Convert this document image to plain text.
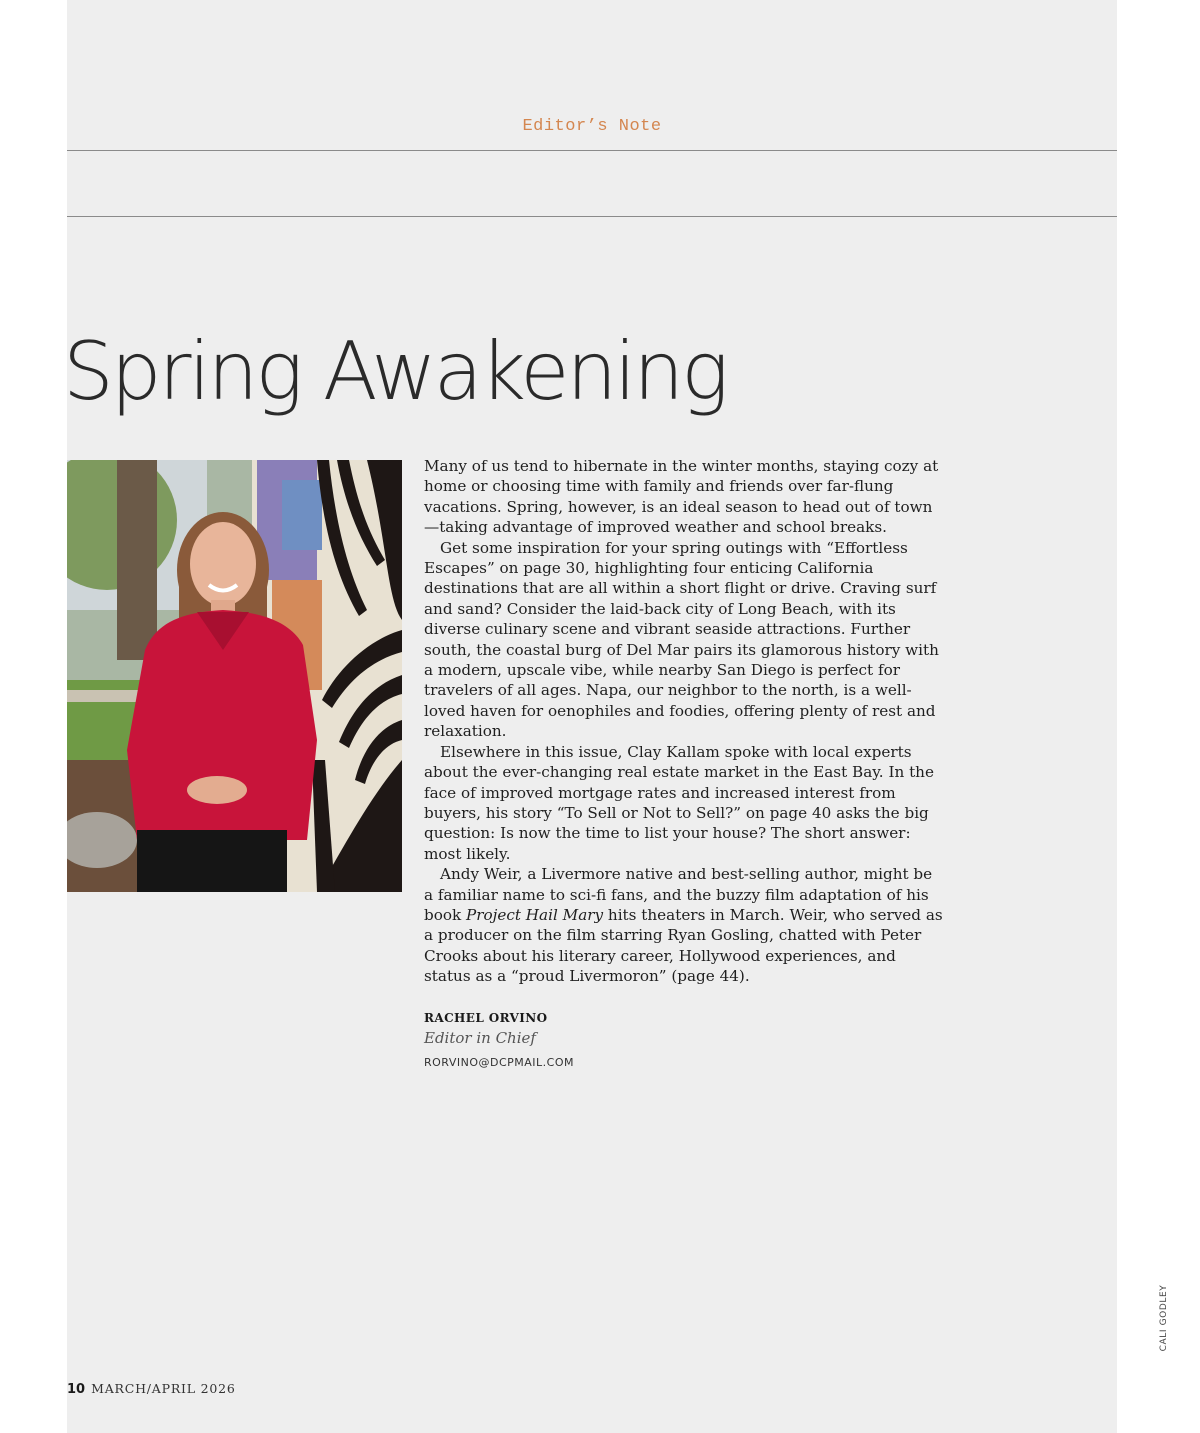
Editor’s Note
Spring Awakening

Many of us tend to hibernate in the winter months, staying cozy at home or choosing time with family and friends over far-flung vacations. Spring, however, is an ideal season to head out of town—taking advantage of improved weather and school breaks.

Get some inspiration for your spring outings with “Effortless Escapes” on page 30, highlighting four enticing California destinations that are all within a short flight or drive. Craving surf and sand? Consider the laid-back city of Long Beach, with its diverse culinary scene and vibrant seaside attractions. Further south, the coastal burg of Del Mar pairs its glamorous history with a modern, upscale vibe, while nearby San Diego is perfect for travelers of all ages. Napa, our neighbor to the north, is a well-loved haven for oenophiles and foodies, offering plenty of rest and relaxation.

Elsewhere in this issue, Clay Kallam spoke with local experts about the ever-changing real estate market in the East Bay. In the face of improved mortgage rates and increased interest from buyers, his story “To Sell or Not to Sell?” on page 40 asks the big question: Is now the time to list your house? The short answer: most likely.

Andy Weir, a Livermore native and best-selling author, might be a familiar name to sci-fi fans, and the buzzy film adaptation of his book Project Hail Mary hits theaters in March. Weir, who served as a producer on the film starring Ryan Gosling, chatted with Peter Crooks about his literary career, Hollywood experiences, and status as a “proud Livermoron” (page 44).

RACHEL ORVINO
Editor in Chief
RORVINO@DCPMAIL.COM
10 MARCH/APRIL 2026
CALI GODLEY
